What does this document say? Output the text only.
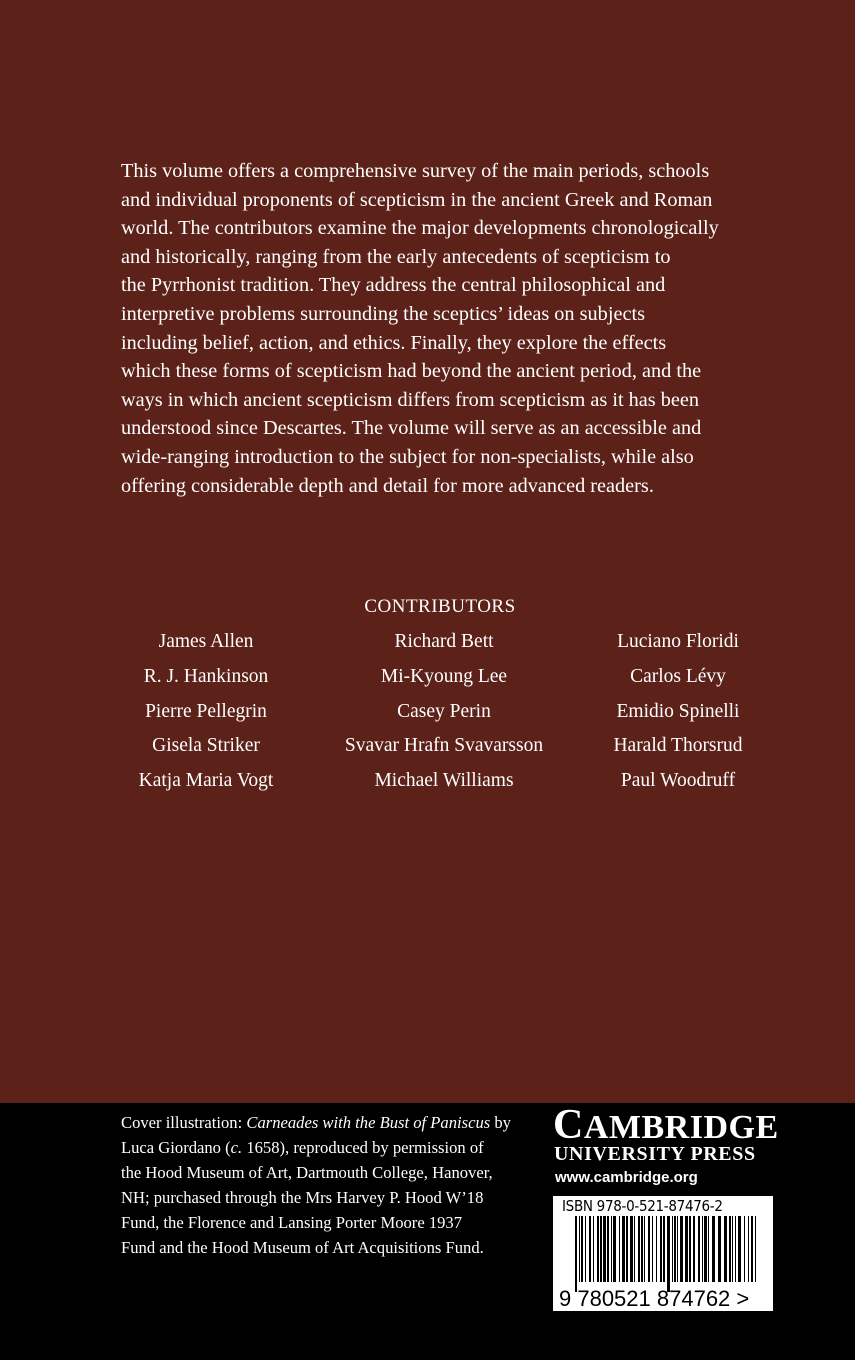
This volume offers a comprehensive survey of the main periods, schools
and individual proponents of scepticism in the ancient Greek and Roman
world. The contributors examine the major developments chronologically
and historically, ranging from the early antecedents of scepticism to
the Pyrrhonist tradition. They address the central philosophical and
interpretive problems surrounding the sceptics’ ideas on subjects
including belief, action, and ethics. Finally, they explore the effects
which these forms of scepticism had beyond the ancient period, and the
ways in which ancient scepticism differs from scepticism as it has been
understood since Descartes. The volume will serve as an accessible and
wide-ranging introduction to the subject for non-specialists, while also
offering considerable depth and detail for more advanced readers.
CONTRIBUTORS
James Allen	Richard Bett	Luciano Floridi
R. J. Hankinson	Mi-Kyoung Lee	Carlos Lévy
Pierre Pellegrin	Casey Perin	Emidio Spinelli
Gisela Striker	Svavar Hrafn Svavarsson	Harald Thorsrud
Katja Maria Vogt	Michael Williams	Paul Woodruff
Cover illustration: Carneades with the Bust of Paniscus by
Luca Giordano (c. 1658), reproduced by permission of
the Hood Museum of Art, Dartmouth College, Hanover,
NH; purchased through the Mrs Harvey P. Hood W’18
Fund, the Florence and Lansing Porter Moore 1937
Fund and the Hood Museum of Art Acquisitions Fund.
CAMBRIDGE
UNIVERSITY PRESS
www.cambridge.org
ISBN 978-0-521-87476-2
9 780521 874762 >
